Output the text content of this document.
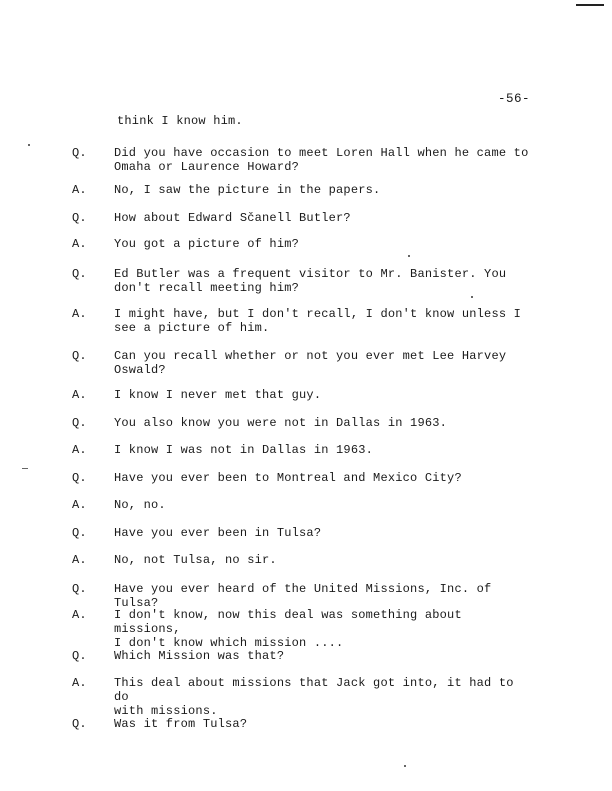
-56-
think I know him.
Q. Did you have occasion to meet Loren Hall when he came to
Omaha or Laurence Howard?
A. No, I saw the picture in the papers.
Q. How about Edward Sčanell Butler?
A. You got a picture of him?
Q. Ed Butler was a frequent visitor to Mr. Banister. You
don't recall meeting him?
A. I might have, but I don't recall, I don't know unless I
see a picture of him.
Q. Can you recall whether or not you ever met Lee Harvey
Oswald?
A. I know I never met that guy.
Q. You also know you were not in Dallas in 1963.
A. I know I was not in Dallas in 1963.
Q. Have you ever been to Montreal and Mexico City?
A. No, no.
Q. Have you ever been in Tulsa?
A. No, not Tulsa, no sir.
Q. Have you ever heard of the United Missions, Inc. of Tulsa?
A. I don't know, now this deal was something about missions,
I don't know which mission ....
Q. Which Mission was that?
A. This deal about missions that Jack got into, it had to do
with missions.
Q. Was it from Tulsa?
